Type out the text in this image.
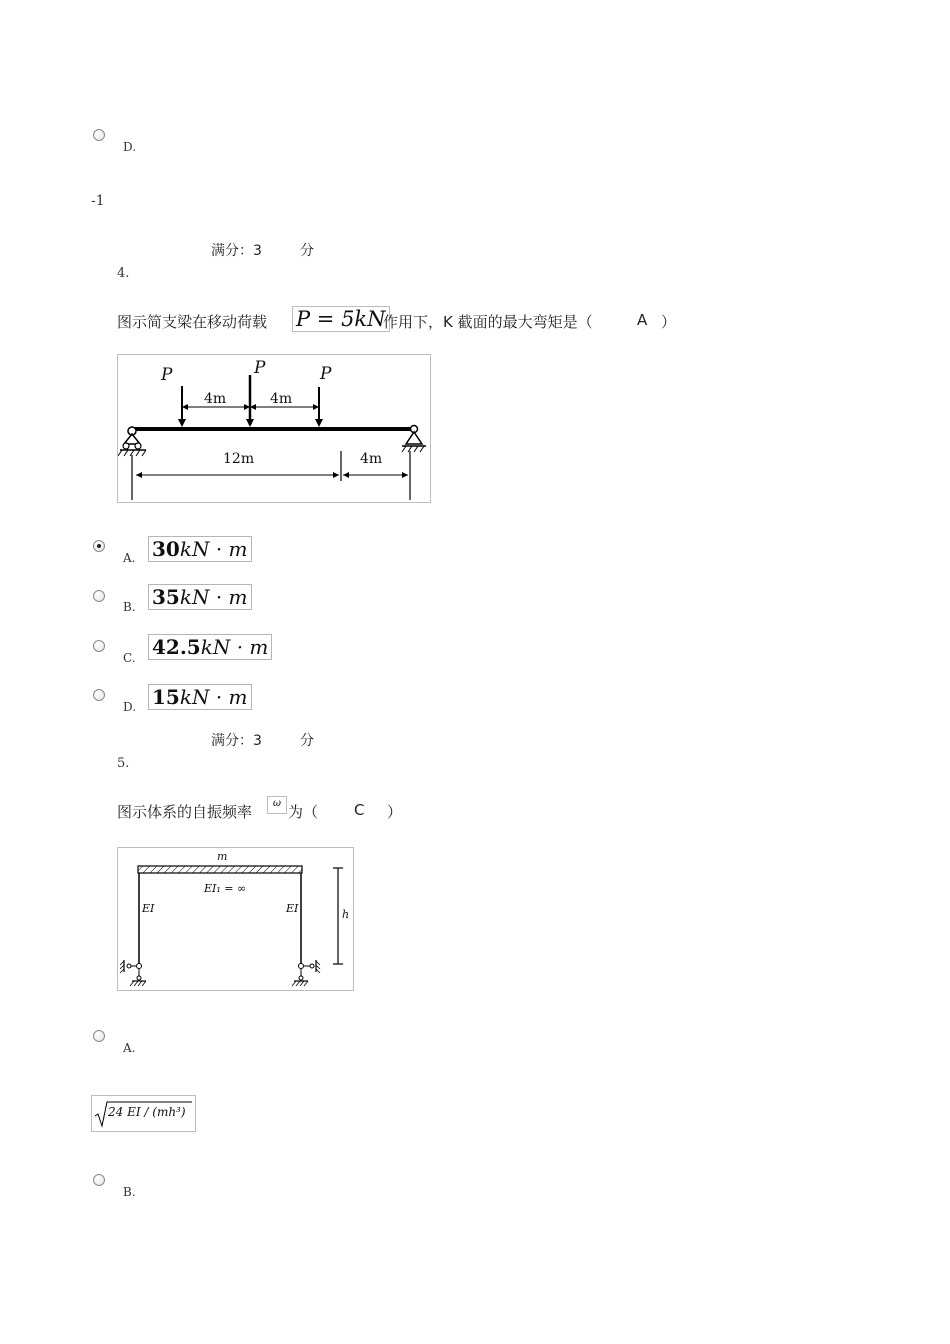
D.
-1
满分：3	分
4.
图示简支梁在移动荷载 P = 5kN
作用下，K 截面的最大弯矩是（	A ）
P	P	P
4m	4m
12m	4m
A. 30kN · m
B. 35kN · m
C. 42.5kN · m
D. 15kN · m
满分：3	分
5.
图示体系的自振频率	ω 为（ C ）
m
EI₁ = ∞
EI	EI	h
A.
24 EI / (mh³)
B.
